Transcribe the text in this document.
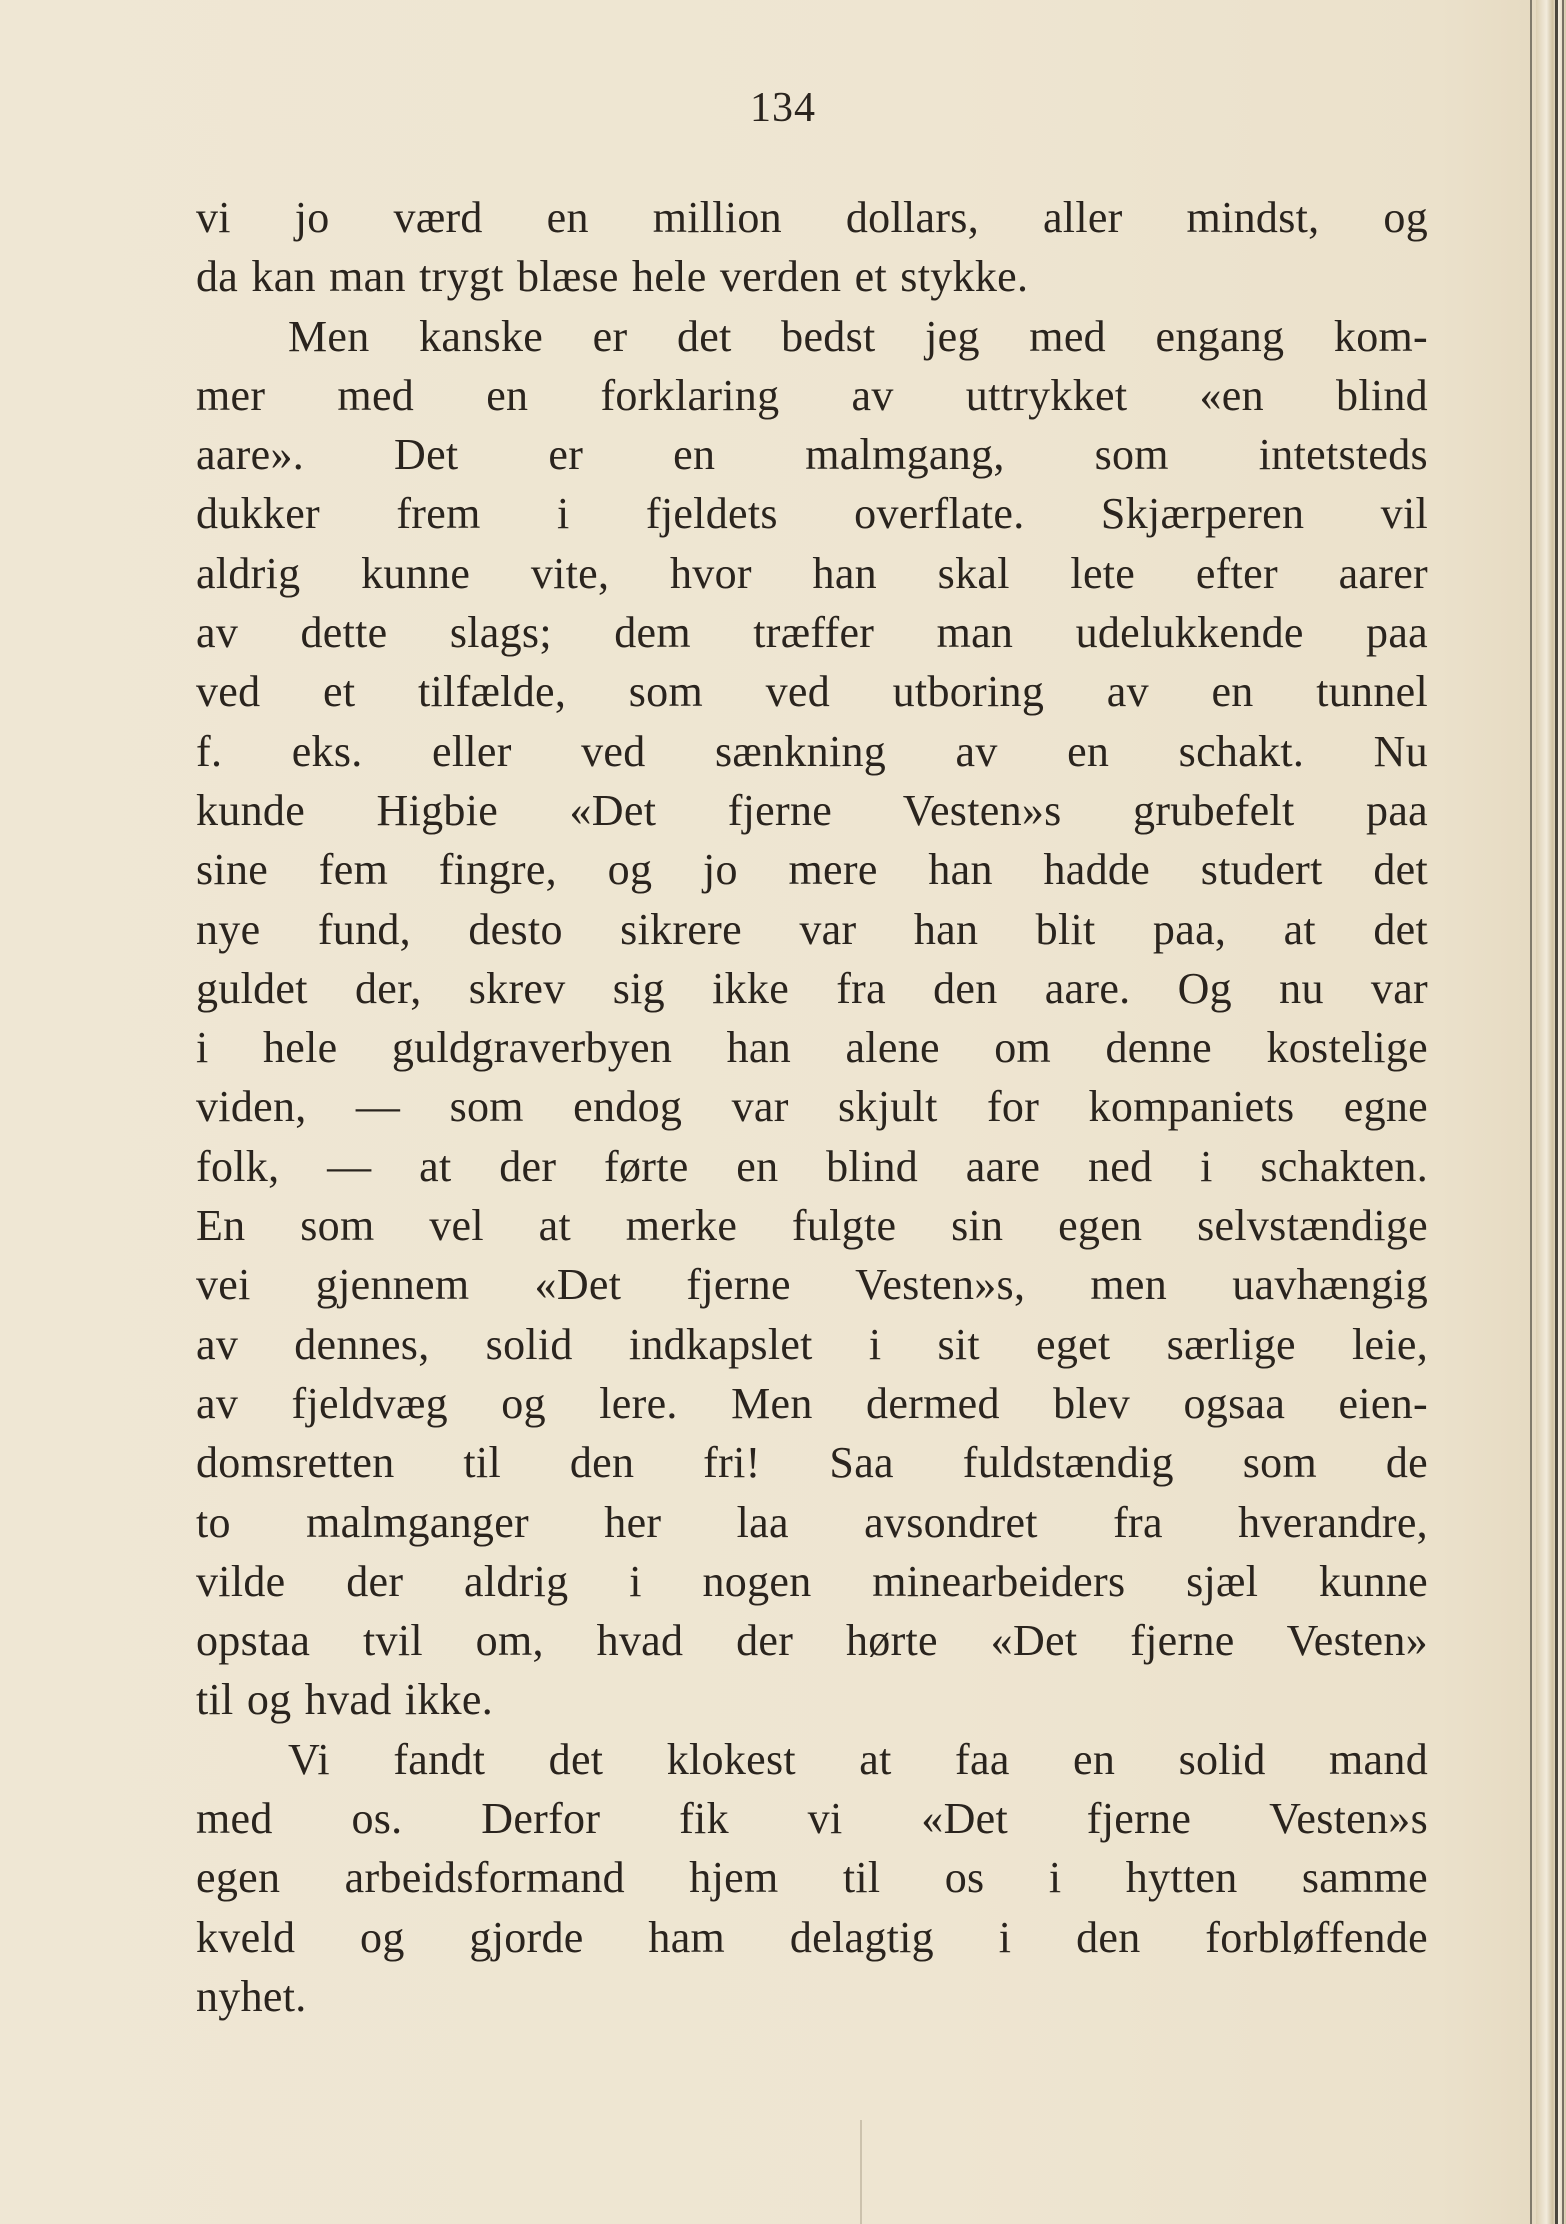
134
vi jo værd en million dollars, aller mindst, og
da kan man trygt blæse hele verden et stykke.
Men kanske er det bedst jeg med engang kom-
mer med en forklaring av uttrykket «en blind
aare». Det er en malmgang, som intetsteds
dukker frem i fjeldets overflate. Skjærperen vil
aldrig kunne vite, hvor han skal lete efter aarer
av dette slags; dem træffer man udelukkende paa
ved et tilfælde, som ved utboring av en tunnel
f. eks. eller ved sænkning av en schakt. Nu
kunde Higbie «Det fjerne Vesten»s grubefelt paa
sine fem fingre, og jo mere han hadde studert det
nye fund, desto sikrere var han blit paa, at det
guldet der, skrev sig ikke fra den aare. Og nu var
i hele guldgraverbyen han alene om denne kostelige
viden, — som endog var skjult for kompaniets egne
folk, — at der førte en blind aare ned i schakten.
En som vel at merke fulgte sin egen selvstændige
vei gjennem «Det fjerne Vesten»s, men uavhængig
av dennes, solid indkapslet i sit eget særlige leie,
av fjeldvæg og lere. Men dermed blev ogsaa eien-
domsretten til den fri! Saa fuldstændig som de
to malmganger her laa avsondret fra hverandre,
vilde der aldrig i nogen minearbeiders sjæl kunne
opstaa tvil om, hvad der hørte «Det fjerne Vesten»
til og hvad ikke.
Vi fandt det klokest at faa en solid mand
med os. Derfor fik vi «Det fjerne Vesten»s
egen arbeidsformand hjem til os i hytten samme
kveld og gjorde ham delagtig i den forbløffende
nyhet.
